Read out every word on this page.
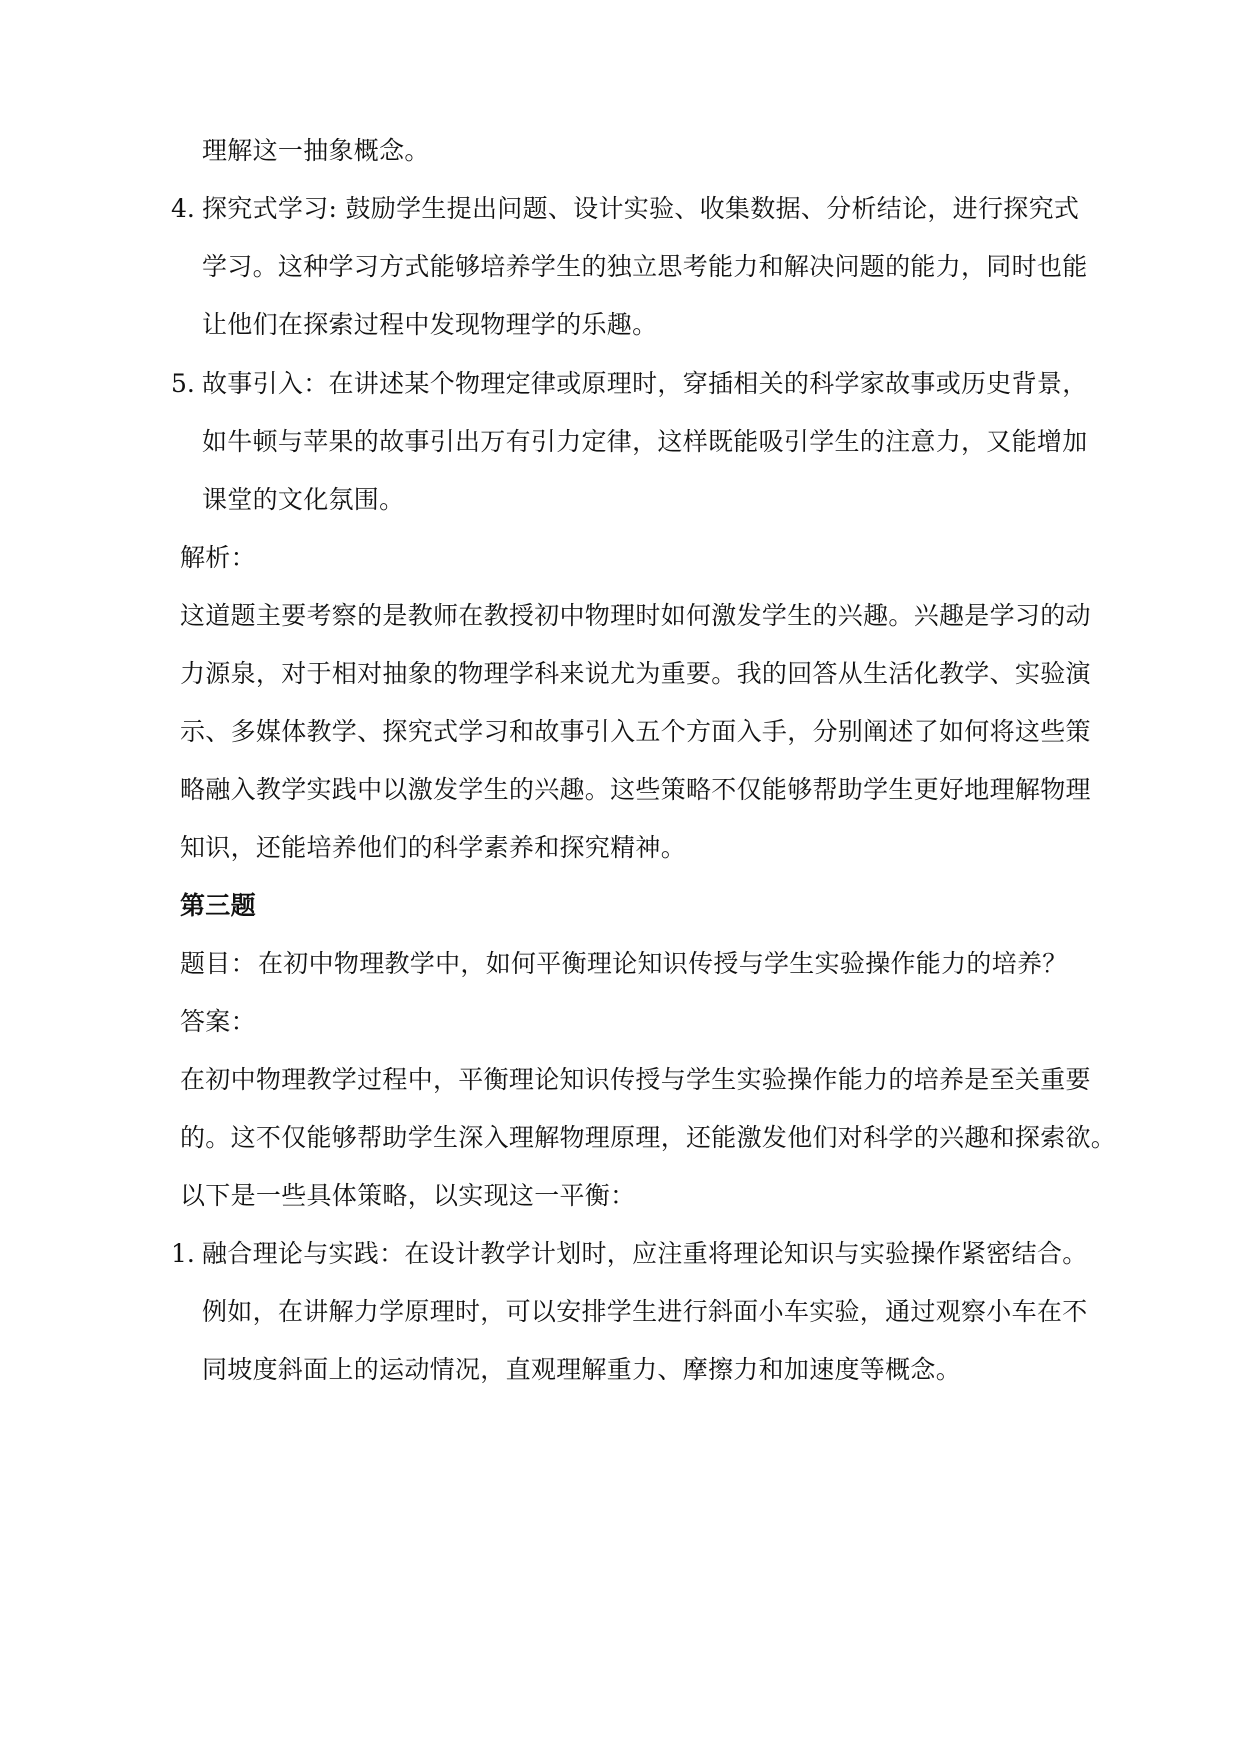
理解这一抽象概念。
4. 探究式学习: 鼓励学生提出问题、设计实验、收集数据、分析结论，进行探究式
学习。这种学习方式能够培养学生的独立思考能力和解决问题的能力，同时也能
让他们在探索过程中发现物理学的乐趣。
5. 故事引入：在讲述某个物理定律或原理时，穿插相关的科学家故事或历史背景，
如牛顿与苹果的故事引出万有引力定律，这样既能吸引学生的注意力，又能增加
课堂的文化氛围。
解析：
这道题主要考察的是教师在教授初中物理时如何激发学生的兴趣。兴趣是学习的动
力源泉，对于相对抽象的物理学科来说尤为重要。我的回答从生活化教学、实验演
示、多媒体教学、探究式学习和故事引入五个方面入手，分别阐述了如何将这些策
略融入教学实践中以激发学生的兴趣。这些策略不仅能够帮助学生更好地理解物理
知识，还能培养他们的科学素养和探究精神。
第三题
题目： 在初中物理教学中，如何平衡理论知识传授与学生实验操作能力的培养？
答案：
在初中物理教学过程中，平衡理论知识传授与学生实验操作能力的培养是至关重要
的。这不仅能够帮助学生深入理解物理原理，还能激发他们对科学的兴趣和探索欲。
以下是一些具体策略，以实现这一平衡：
1. 融合理论与实践：在设计教学计划时，应注重将理论知识与实验操作紧密结合。
例如，在讲解力学原理时，可以安排学生进行斜面小车实验，通过观察小车在不
同坡度斜面上的运动情况，直观理解重力、摩擦力和加速度等概念。
